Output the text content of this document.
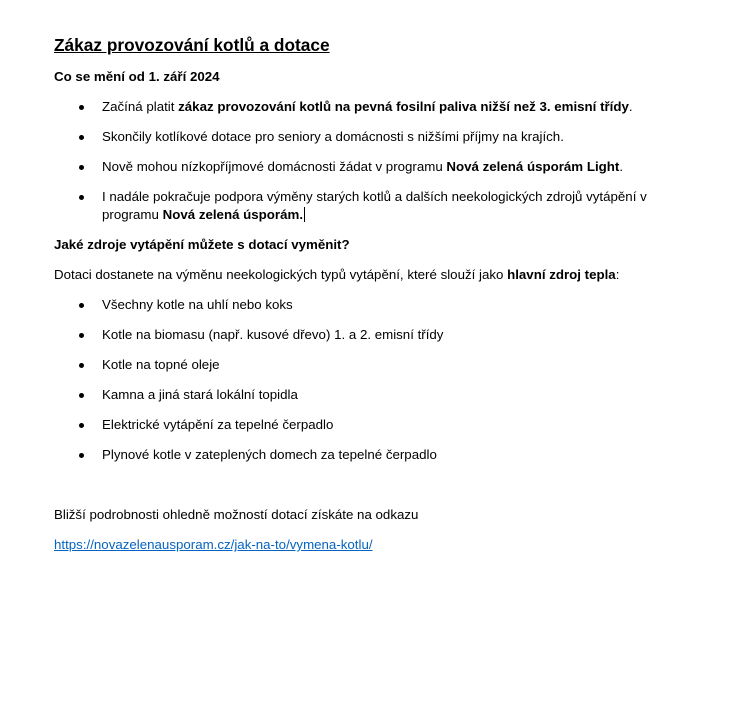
Zákaz provozování kotlů a dotace

Co se mění od 1. září 2024

Začíná platit zákaz provozování kotlů na pevná fosilní paliva nižší než 3. emisní třídy.
Skončily kotlíkové dotace pro seniory a domácnosti s nižšími příjmy na krajích.
Nově mohou nízkopříjmové domácnosti žádat v programu Nová zelená úsporám Light.
I nadále pokračuje podpora výměny starých kotlů a dalších neekologických zdrojů vytápění v programu Nová zelená úsporám.

Jaké zdroje vytápění můžete s dotací vyměnit?

Dotaci dostanete na výměnu neekologických typů vytápění, které slouží jako hlavní zdroj tepla:

Všechny kotle na uhlí nebo koks
Kotle na biomasu (např. kusové dřevo) 1. a 2. emisní třídy
Kotle na topné oleje
Kamna a jiná stará lokální topidla
Elektrické vytápění za tepelné čerpadlo
Plynové kotle v zateplených domech za tepelné čerpadlo

Bližší podrobnosti ohledně možností dotací získáte na odkazu

https://novazelenausporam.cz/jak-na-to/vymena-kotlu/
